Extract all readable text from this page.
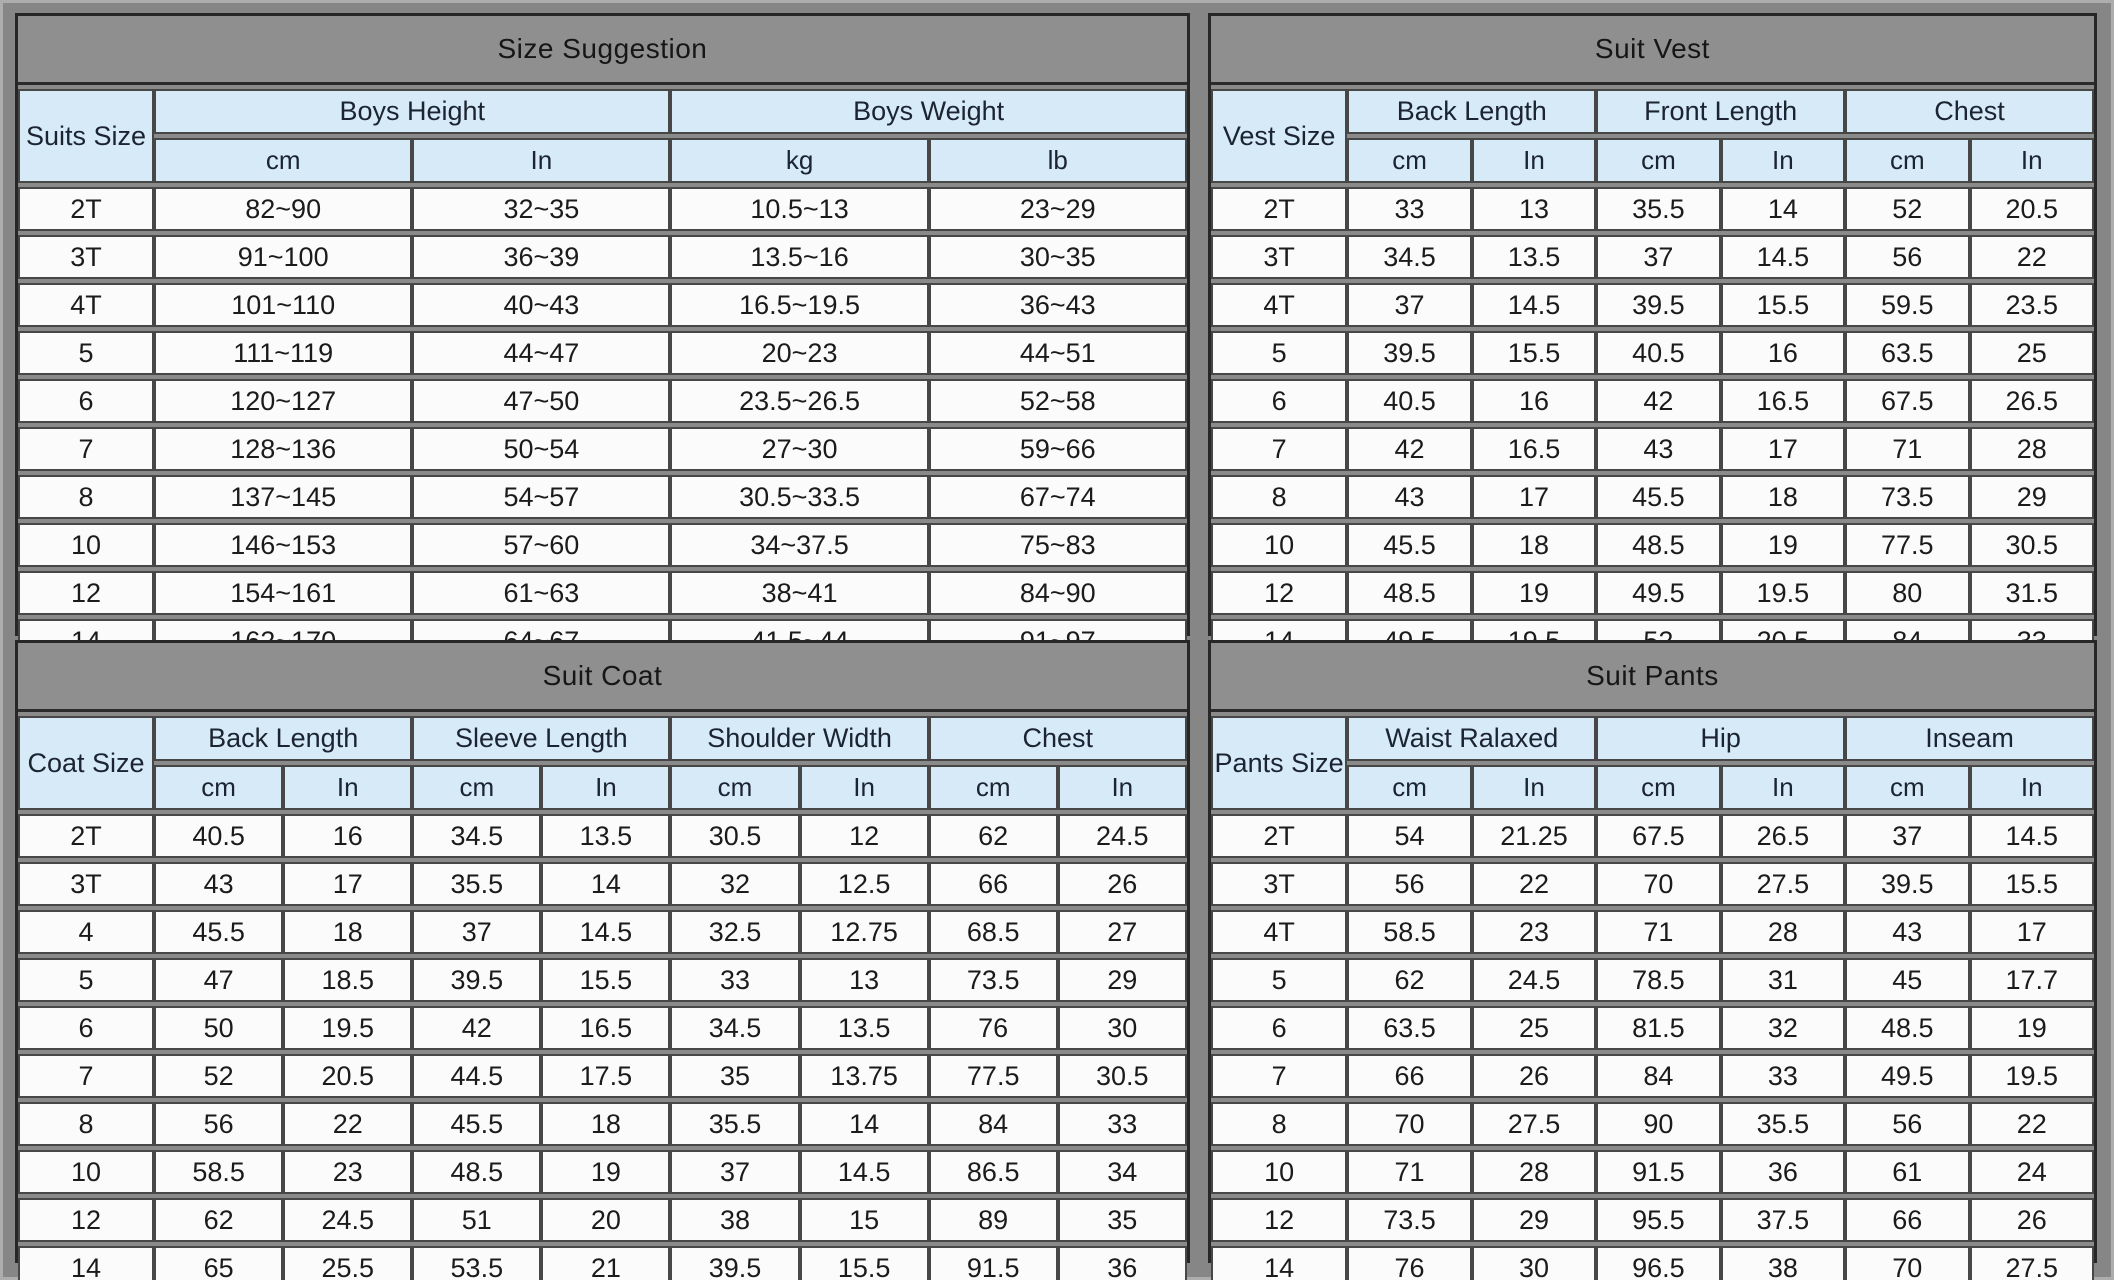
Size Suggestion
Suits Size	Boys Height		Boys Weight	
	cm	In	kg	lb
2T	82~90	32~35	10.5~13	23~29
3T	91~100	36~39	13.5~16	30~35
4T	101~110	40~43	16.5~19.5	36~43
5	111~119	44~47	20~23	44~51
6	120~127	47~50	23.5~26.5	52~58
7	128~136	50~54	27~30	59~66
8	137~145	54~57	30.5~33.5	67~74
10	146~153	57~60	34~37.5	75~83
12	154~161	61~63	38~41	84~90

Suit Vest
Vest Size	Back Length		Front Length		Chest	
	cm	In	cm	In	cm	In
2T	33	13	35.5	14	52	20.5
3T	34.5	13.5	37	14.5	56	22
4T	37	14.5	39.5	15.5	59.5	23.5
5	39.5	15.5	40.5	16	63.5	25
6	40.5	16	42	16.5	67.5	26.5
7	42	16.5	43	17	71	28
8	43	17	45.5	18	73.5	29
10	45.5	18	48.5	19	77.5	30.5
12	48.5	19	49.5	19.5	80	31.5

Suit Coat
Coat Size	Back Length		Sleeve Length		Shoulder Width		Chest	
	cm	In	cm	In	cm	In	cm	In
2T	40.5	16	34.5	13.5	30.5	12	62	24.5
3T	43	17	35.5	14	32	12.5	66	26
4	45.5	18	37	14.5	32.5	12.75	68.5	27
5	47	18.5	39.5	15.5	33	13	73.5	29
6	50	19.5	42	16.5	34.5	13.5	76	30
7	52	20.5	44.5	17.5	35	13.75	77.5	30.5
8	56	22	45.5	18	35.5	14	84	33
10	58.5	23	48.5	19	37	14.5	86.5	34
12	62	24.5	51	20	38	15	89	35
14	65	25.5	53.5	21	39.5	15.5	91.5	36
Suit Pants
Pants Size	Waist Ralaxed		Hip		Inseam	
	cm	In	cm	In	cm	In
2T	54	21.25	67.5	26.5	37	14.5
3T	56	22	70	27.5	39.5	15.5
4T	58.5	23	71	28	43	17
5	62	24.5	78.5	31	45	17.7
6	63.5	25	81.5	32	48.5	19
7	66	26	84	33	49.5	19.5
8	70	27.5	90	35.5	56	22
10	71	28	91.5	36	61	24
12	73.5	29	95.5	37.5	66	26
14	76	30	96.5	38	70	27.5
